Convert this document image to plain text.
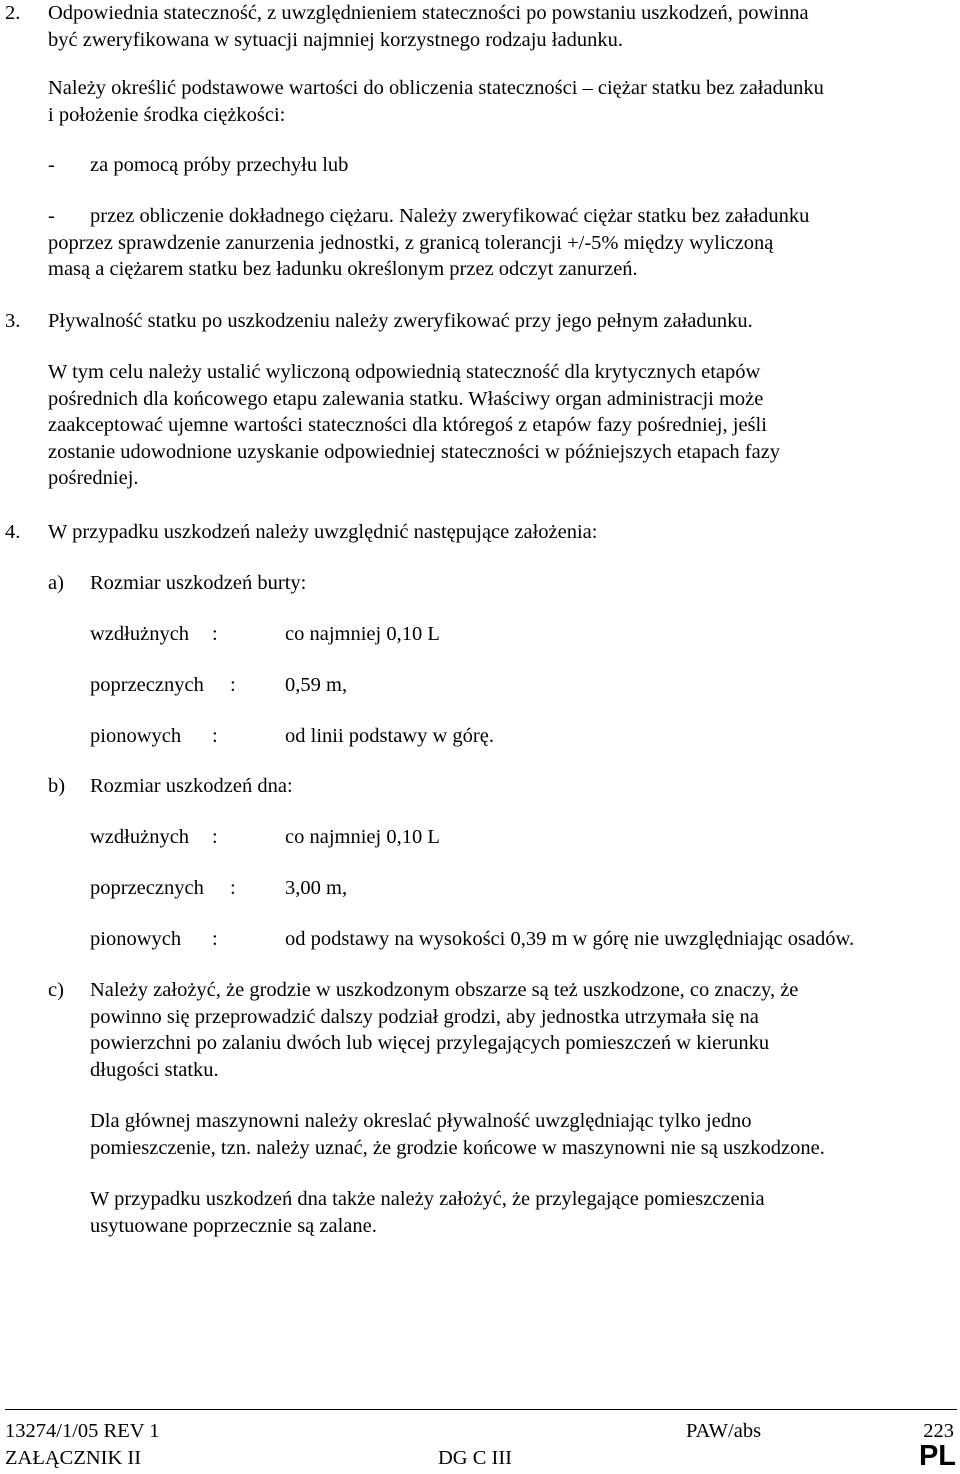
2. Odpowiednia stateczność, z uwzględnieniem stateczności po powstaniu uszkodzeń, powinna
być zweryfikowana w sytuacji najmniej korzystnego rodzaju ładunku.
Należy określić podstawowe wartości do obliczenia stateczności – ciężar statku bez załadunku
i położenie środka ciężkości:
- za pomocą próby przechyłu lub
- przez obliczenie dokładnego ciężaru. Należy zweryfikować ciężar statku bez załadunku
poprzez sprawdzenie zanurzenia jednostki, z granicą tolerancji +/-5% między wyliczoną
masą a ciężarem statku bez ładunku określonym przez odczyt zanurzeń.
3. Pływalność statku po uszkodzeniu należy zweryfikować przy jego pełnym załadunku.
W tym celu należy ustalić wyliczoną odpowiednią stateczność dla krytycznych etapów
pośrednich dla końcowego etapu zalewania statku. Właściwy organ administracji może
zaakceptować ujemne wartości stateczności dla któregoś z etapów fazy pośredniej, jeśli
zostanie udowodnione uzyskanie odpowiedniej stateczności w późniejszych etapach fazy
pośredniej.
4. W przypadku uszkodzeń należy uwzględnić następujące założenia:
a) Rozmiar uszkodzeń burty:
wzdłużnych :	co najmniej 0,10 L
poprzecznych : 0,59 m,
pionowych :	od linii podstawy w górę.
b) Rozmiar uszkodzeń dna:
wzdłużnych :	co najmniej 0,10 L
poprzecznych : 3,00 m,
pionowych :	od podstawy na wysokości 0,39 m w górę nie uwzględniając osadów.
c) Należy założyć, że grodzie w uszkodzonym obszarze są też uszkodzone, co znaczy, że
powinno się przeprowadzić dalszy podział grodzi, aby jednostka utrzymała się na
powierzchni po zalaniu dwóch lub więcej przylegających pomieszczeń w kierunku
długości statku.
Dla głównej maszynowni należy okreslać pływalność uwzględniając tylko jedno
pomieszczenie, tzn. należy uznać, że grodzie końcowe w maszynowni nie są uszkodzone.
W przypadku uszkodzeń dna także należy założyć, że przylegające pomieszczenia
usytuowane poprzecznie są zalane.
13274/1/05 REV 1
ZAŁĄCZNIK II
PAW/abs
DG C III
223
PL
